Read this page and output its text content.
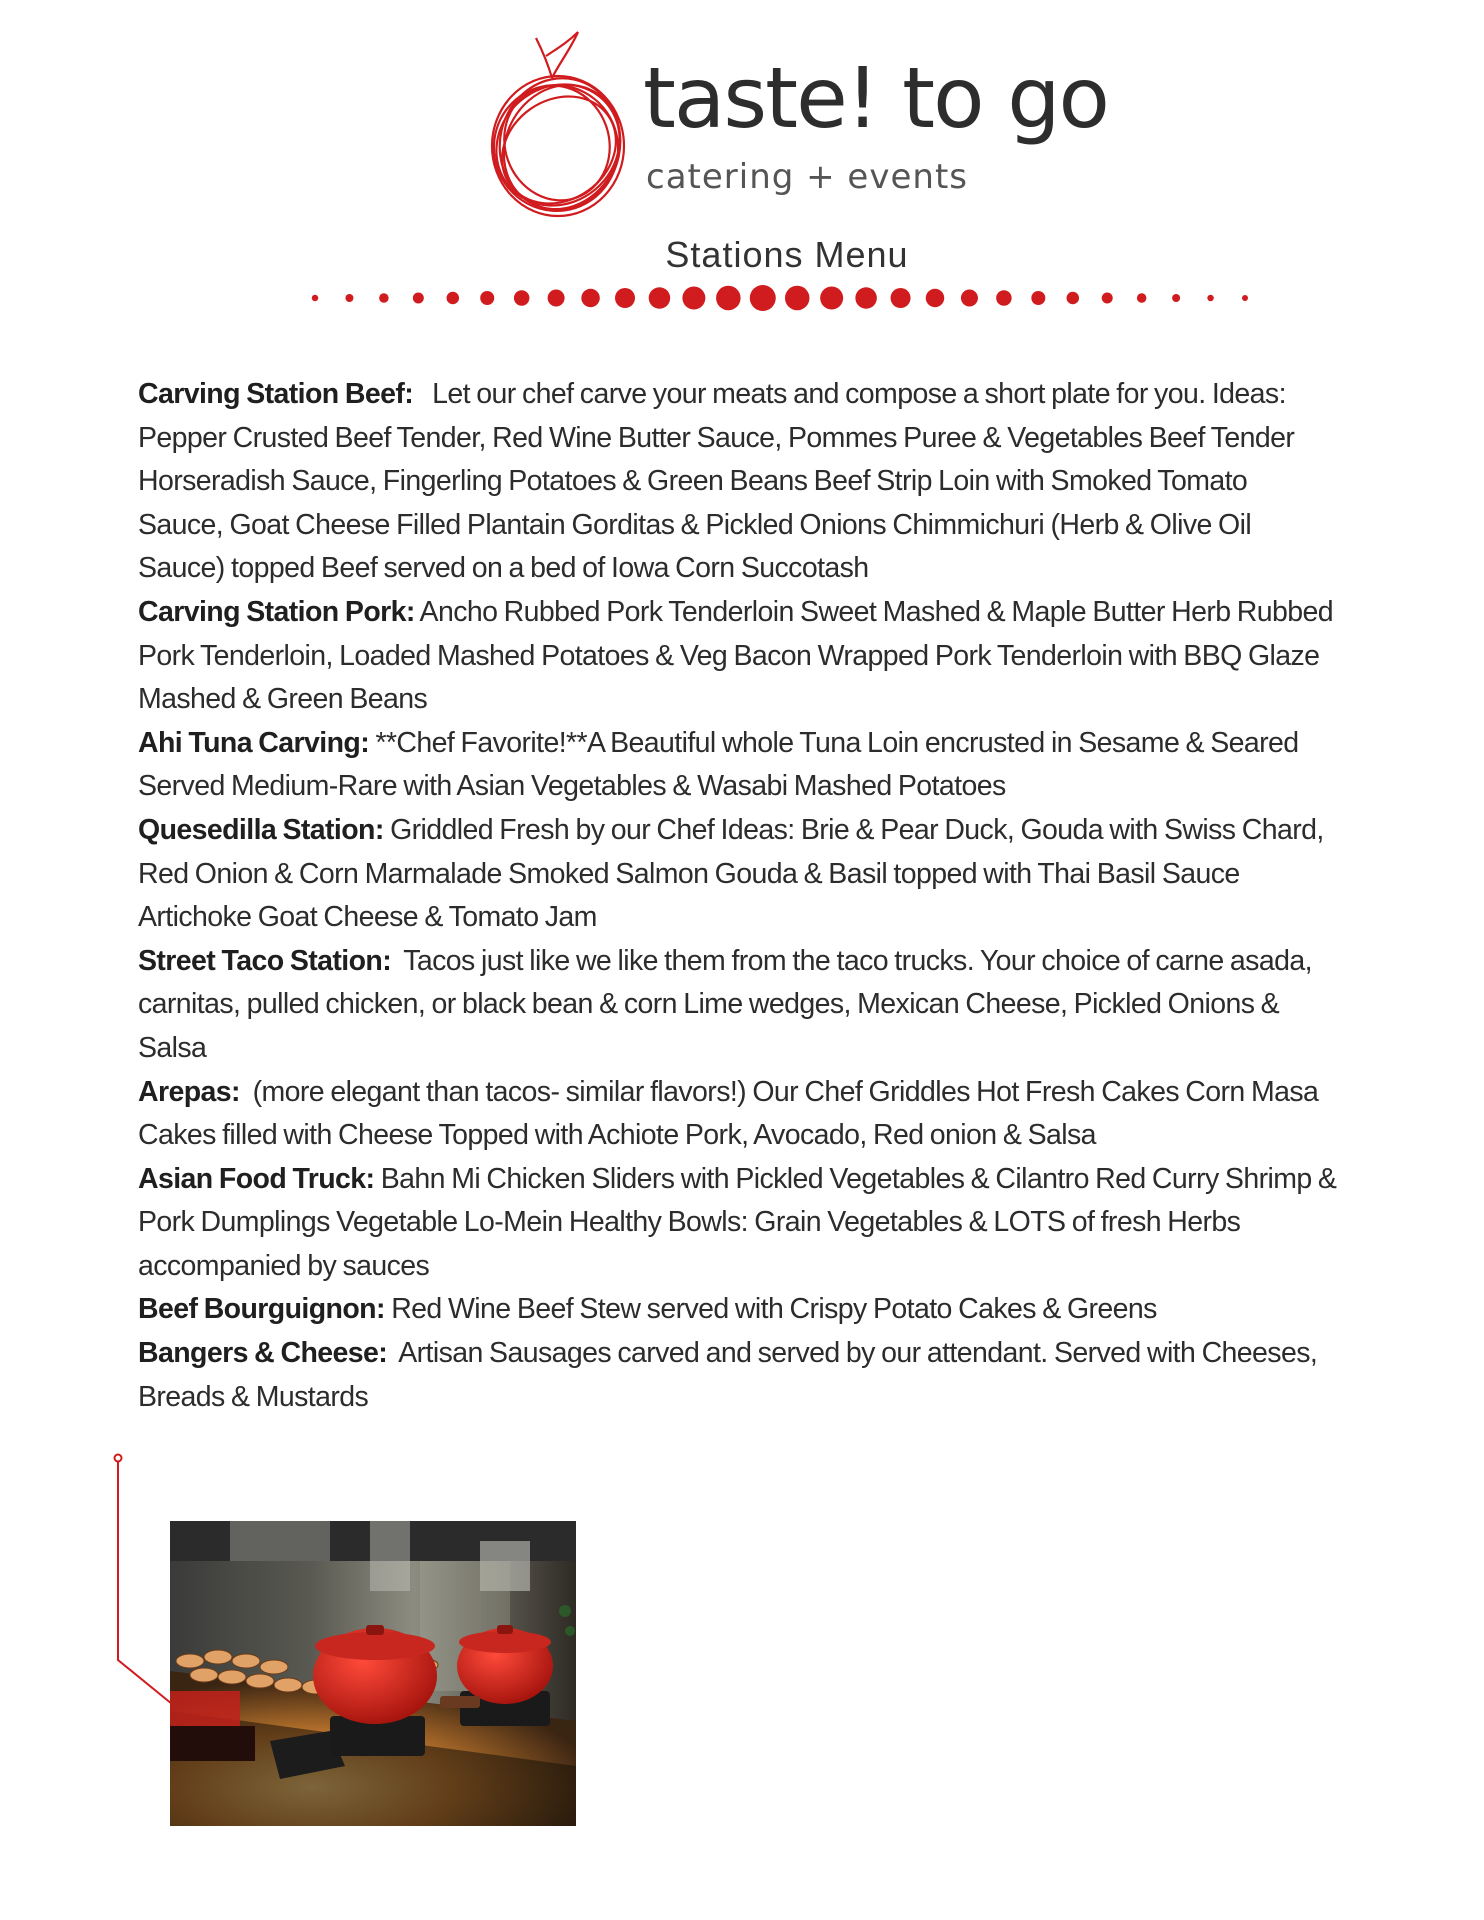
taste! to go
catering + events
Stations Menu

Carving Station Beef: Let our chef carve your meats and compose a short plate for you. Ideas: Pepper Crusted Beef Tender, Red Wine Butter Sauce, Pommes Puree & Vegetables Beef Tender Horseradish Sauce, Fingerling Potatoes & Green Beans Beef Strip Loin with Smoked Tomato Sauce, Goat Cheese Filled Plantain Gorditas & Pickled Onions Chimmichuri (Herb & Olive Oil Sauce) topped Beef served on a bed of Iowa Corn Succotash

Carving Station Pork: Ancho Rubbed Pork Tenderloin Sweet Mashed & Maple Butter Herb Rubbed Pork Tenderloin, Loaded Mashed Potatoes & Veg Bacon Wrapped Pork Tenderloin with BBQ Glaze Mashed & Green Beans

Ahi Tuna Carving: **Chef Favorite!**A Beautiful whole Tuna Loin encrusted in Sesame & Seared Served Medium-Rare with Asian Vegetables & Wasabi Mashed Potatoes

Quesedilla Station: Griddled Fresh by our Chef Ideas: Brie & Pear Duck, Gouda with Swiss Chard, Red Onion & Corn Marmalade Smoked Salmon Gouda & Basil topped with Thai Basil Sauce Artichoke Goat Cheese & Tomato Jam

Street Taco Station: Tacos just like we like them from the taco trucks. Your choice of carne asada, carnitas, pulled chicken, or black bean & corn Lime wedges, Mexican Cheese, Pickled Onions & Salsa

Arepas: (more elegant than tacos- similar flavors!) Our Chef Griddles Hot Fresh Cakes Corn Masa Cakes filled with Cheese Topped with Achiote Pork, Avocado, Red onion & Salsa

Asian Food Truck: Bahn Mi Chicken Sliders with Pickled Vegetables & Cilantro Red Curry Shrimp & Pork Dumplings Vegetable Lo-Mein Healthy Bowls: Grain Vegetables & LOTS of fresh Herbs accompanied by sauces

Beef Bourguignon: Red Wine Beef Stew served with Crispy Potato Cakes & Greens

Bangers & Cheese: Artisan Sausages carved and served by our attendant. Served with Cheeses, Breads & Mustards
